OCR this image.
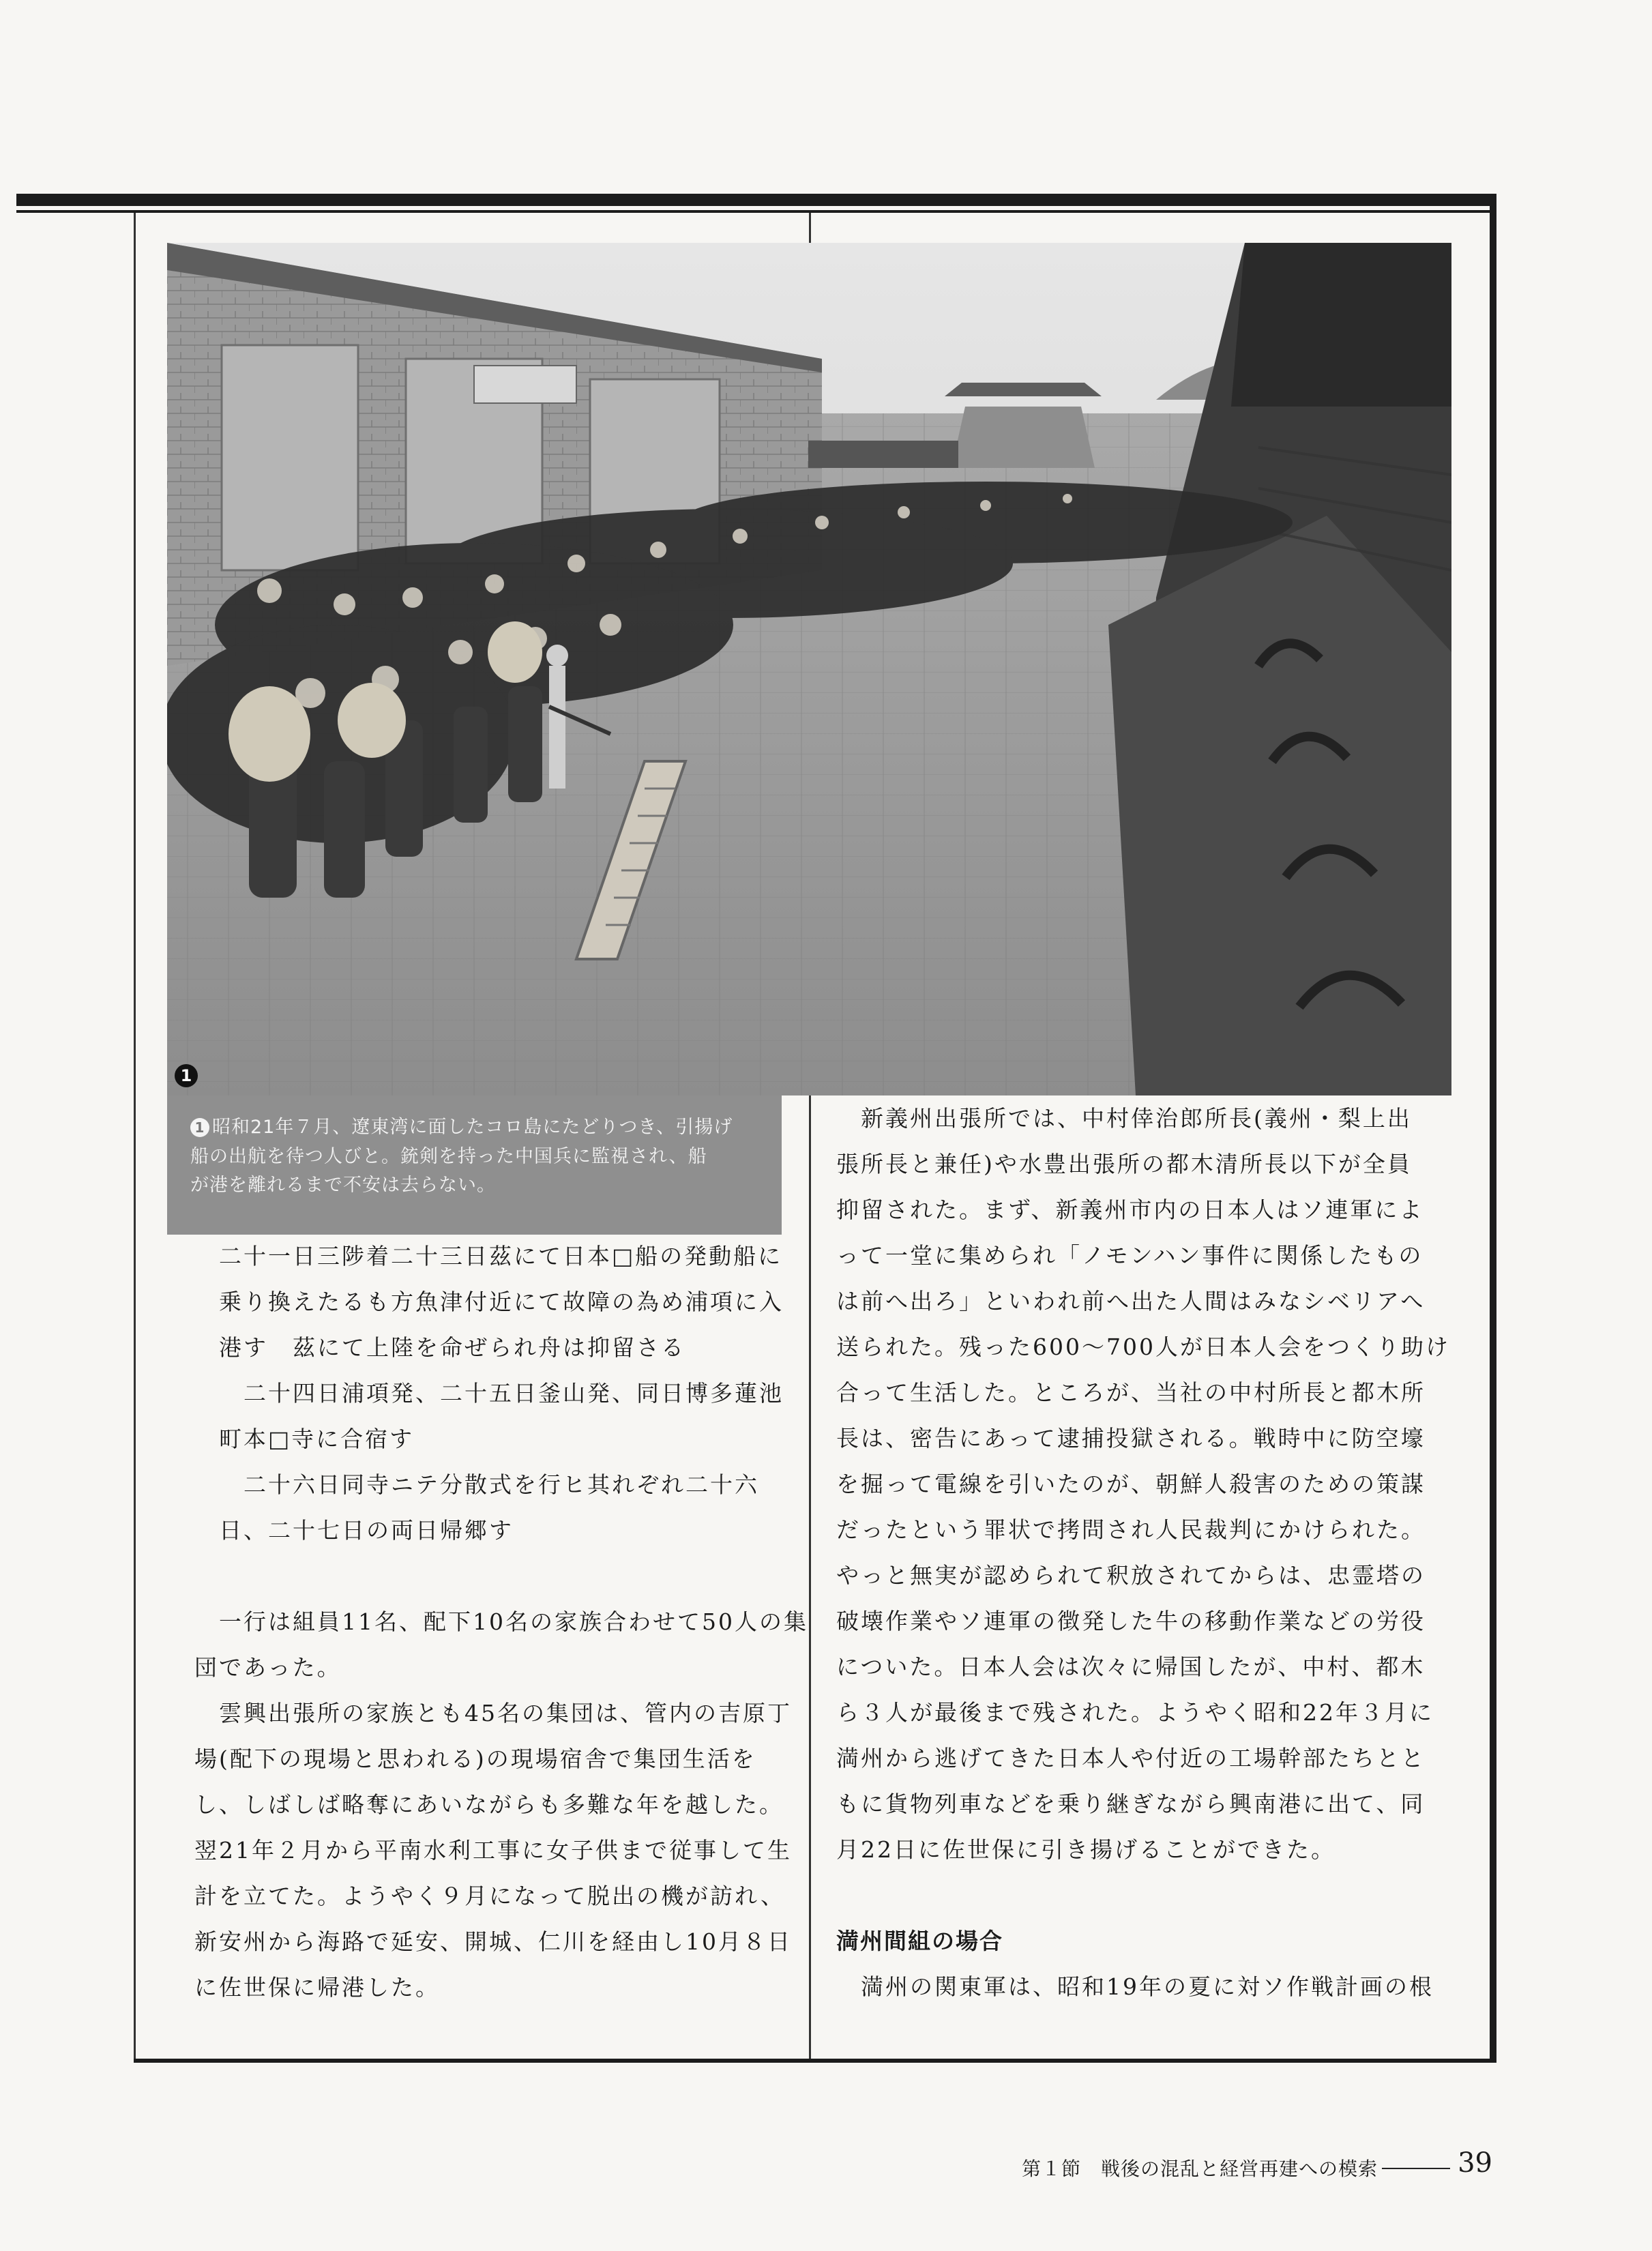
1
1 昭和21年７月、遼東湾に面したコロ島にたどりつき、引揚げ
船の出航を待つ人びと。銃剣を持った中国兵に監視され、船
が港を離れるまで不安は去らない。

二十一日三陟着二十三日茲にて日本□船の発動船に

乗り換えたるも方魚津付近にて故障の為め浦項に入

港す　茲にて上陸を命ぜられ舟は抑留さる

二十四日浦項発、二十五日釜山発、同日博多蓮池

町本□寺に合宿す

二十六日同寺ニテ分散式を行ヒ其れぞれ二十六

日、二十七日の両日帰郷す

一行は組員11名、配下10名の家族合わせて50人の集

団であった。

雲興出張所の家族とも45名の集団は、管内の吉原丁

場(配下の現場と思われる)の現場宿舎で集団生活を

し、しばしば略奪にあいながらも多難な年を越した。

翌21年２月から平南水利工事に女子供まで従事して生

計を立てた。ようやく９月になって脱出の機が訪れ、

新安州から海路で延安、開城、仁川を経由し10月８日

に佐世保に帰港した。

新義州出張所では、中村倖治郎所長(義州・梨上出

張所長と兼任)や水豊出張所の都木清所長以下が全員

抑留された。まず、新義州市内の日本人はソ連軍によ

って一堂に集められ「ノモンハン事件に関係したもの

は前へ出ろ」といわれ前へ出た人間はみなシベリアへ

送られた。残った600〜700人が日本人会をつくり助け

合って生活した。ところが、当社の中村所長と都木所

長は、密告にあって逮捕投獄される。戦時中に防空壕

を掘って電線を引いたのが、朝鮮人殺害のための策謀

だったという罪状で拷問され人民裁判にかけられた。

やっと無実が認められて釈放されてからは、忠霊塔の

破壊作業やソ連軍の徴発した牛の移動作業などの労役

についた。日本人会は次々に帰国したが、中村、都木

ら３人が最後まで残された。ようやく昭和22年３月に

満州から逃げてきた日本人や付近の工場幹部たちとと

もに貨物列車などを乗り継ぎながら興南港に出て、同

月22日に佐世保に引き揚げることができた。

満州間組の場合

満州の関東軍は、昭和19年の夏に対ソ作戦計画の根

第１節　戦後の混乱と経営再建への模索	39
